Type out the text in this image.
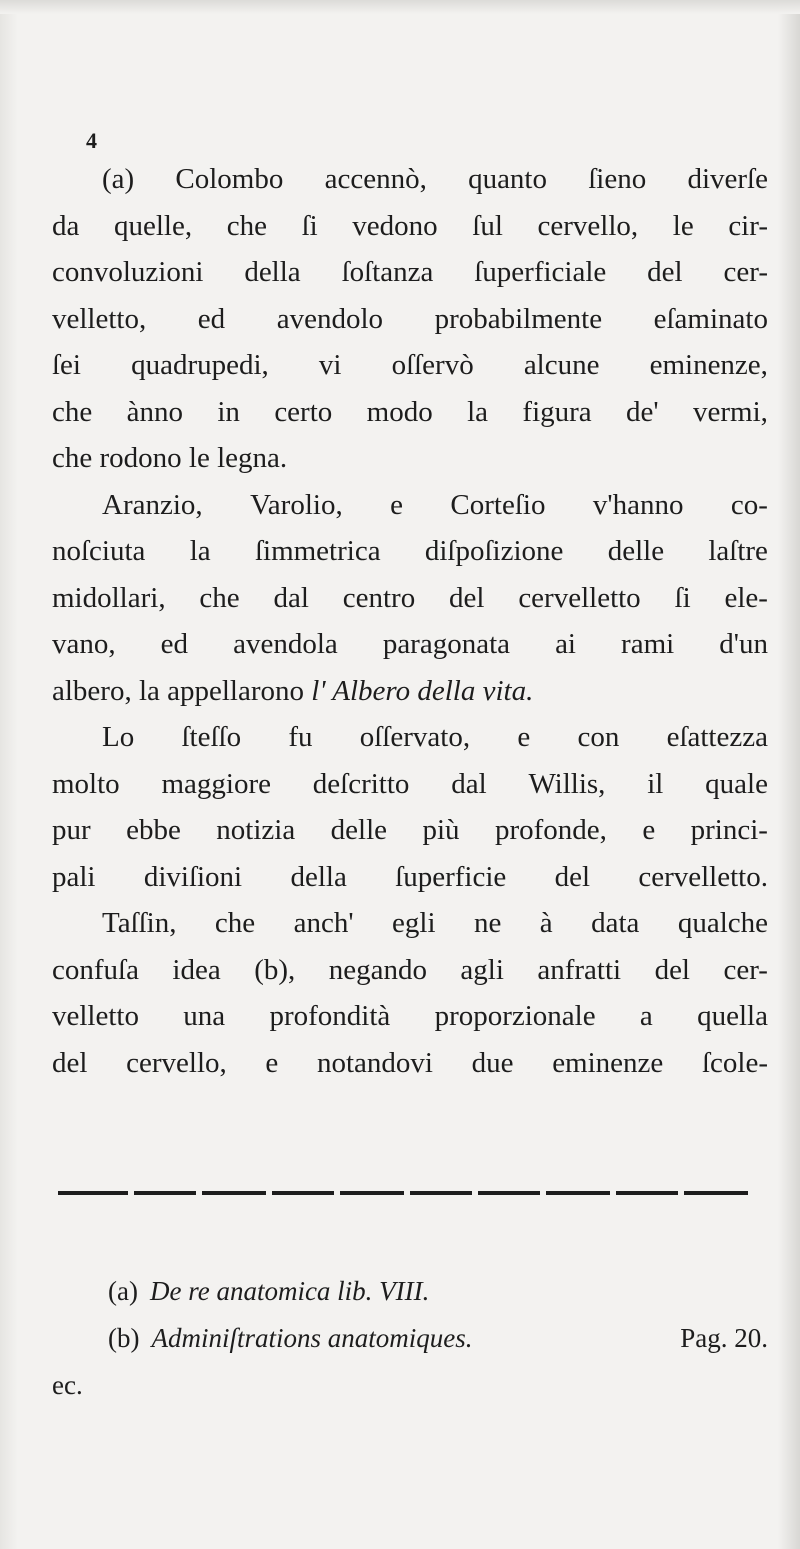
4
(a) Colombo accennò, quanto ſieno diverſe
da quelle, che ſi vedono ſul cervello, le cir-
convoluzioni della ſoſtanza ſuperficiale del cer-
velletto, ed avendolo probabilmente eſaminato
ſei quadrupedi, vi oſſervò alcune eminenze,
che ànno in certo modo la figura de' vermi,
che rodono le legna.
Aranzio, Varolio, e Corteſio v'hanno co-
noſciuta la ſimmetrica diſpoſizione delle laſtre
midollari, che dal centro del cervelletto ſi ele-
vano, ed avendola paragonata ai rami d'un
albero, la appellarono
l' Albero della vita.
Lo ſteſſo fu oſſervato, e con eſattezza
molto maggiore deſcritto dal Willis, il quale
pur ebbe notizia delle più profonde, e princi-
pali diviſioni della ſuperficie del cervelletto.
Taſſin, che anch' egli ne à data qualche
confuſa idea (b), negando agli anfratti del cer-
velletto una profondità proporzionale a quella
del cervello, e notandovi due eminenze ſcole-
(a) De re anatomica lib. VIII.
(b) Adminiſtrations anatomiques.	Pag. 20.
ec.
